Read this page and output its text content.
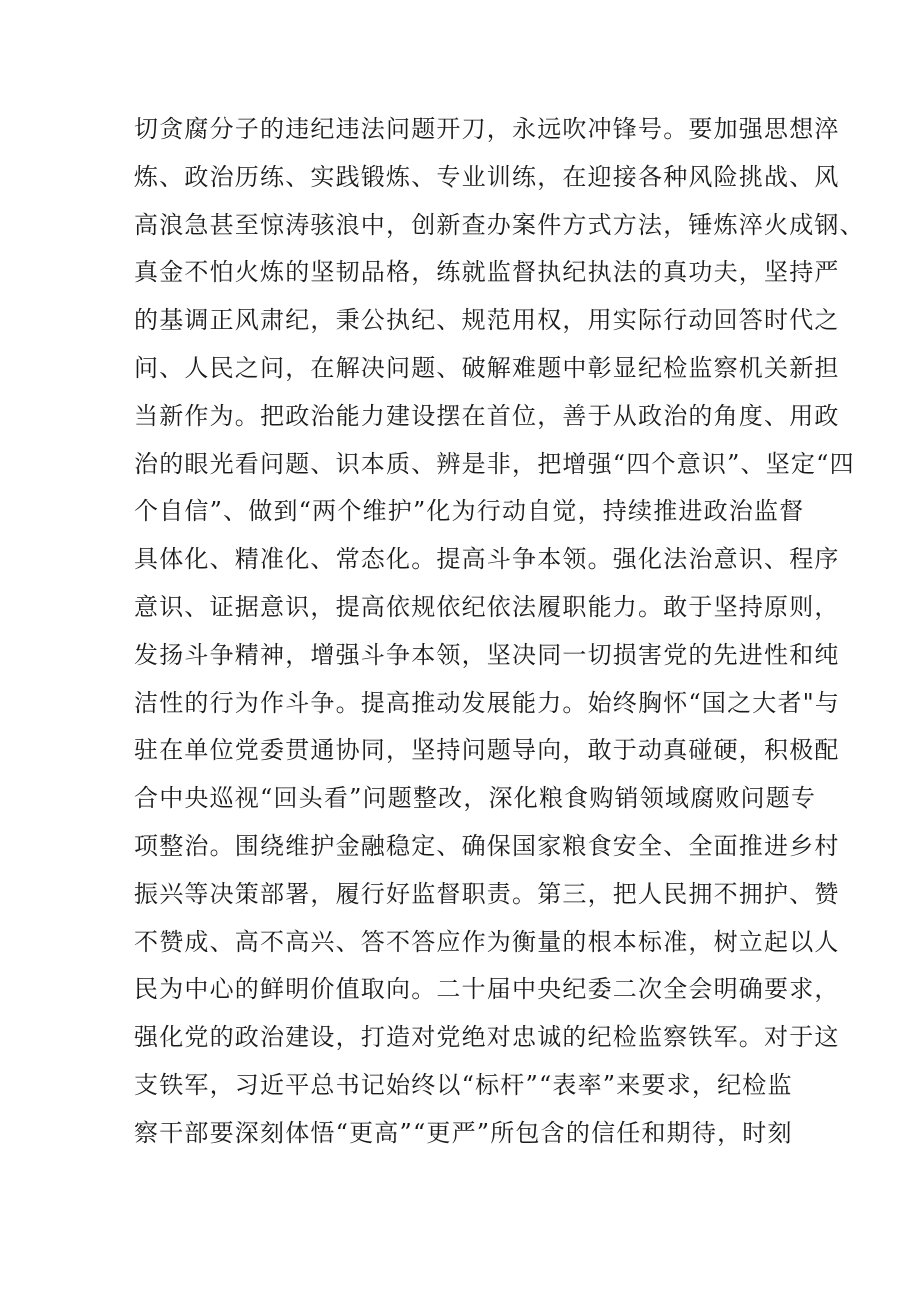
切贪腐分子的违纪违法问题开刀，永远吹冲锋号。要加强思想淬
炼、政治历练、实践锻炼、专业训练，在迎接各种风险挑战、风
高浪急甚至惊涛骇浪中，创新查办案件方式方法，锤炼淬火成钢、
真金不怕火炼的坚韧品格，练就监督执纪执法的真功夫，坚持严
的基调正风肃纪，秉公执纪、规范用权，用实际行动回答时代之
问、人民之问，在解决问题、破解难题中彰显纪检监察机关新担
当新作为。把政治能力建设摆在首位，善于从政治的角度、用政
治的眼光看问题、识本质、辨是非，把增强“四个意识”、坚定“四
个自信”、做到“两个维护”化为行动自觉，持续推进政治监督
具体化、精准化、常态化。提高斗争本领。强化法治意识、程序
意识、证据意识，提高依规依纪依法履职能力。敢于坚持原则，
发扬斗争精神，增强斗争本领，坚决同一切损害党的先进性和纯
洁性的行为作斗争。提高推动发展能力。始终胸怀“国之大者"与
驻在单位党委贯通协同，坚持问题导向，敢于动真碰硬，积极配
合中央巡视“回头看”问题整改，深化粮食购销领域腐败问题专
项整治。围绕维护金融稳定、确保国家粮食安全、全面推进乡村
振兴等决策部署，履行好监督职责。第三，把人民拥不拥护、赞
不赞成、高不高兴、答不答应作为衡量的根本标准，树立起以人
民为中心的鲜明价值取向。二十届中央纪委二次全会明确要求，
强化党的政治建设，打造对党绝对忠诚的纪检监察铁军。对于这
支铁军，习近平总书记始终以“标杆”“表率”来要求，纪检监
察干部要深刻体悟“更高”“更严”所包含的信任和期待，时刻
